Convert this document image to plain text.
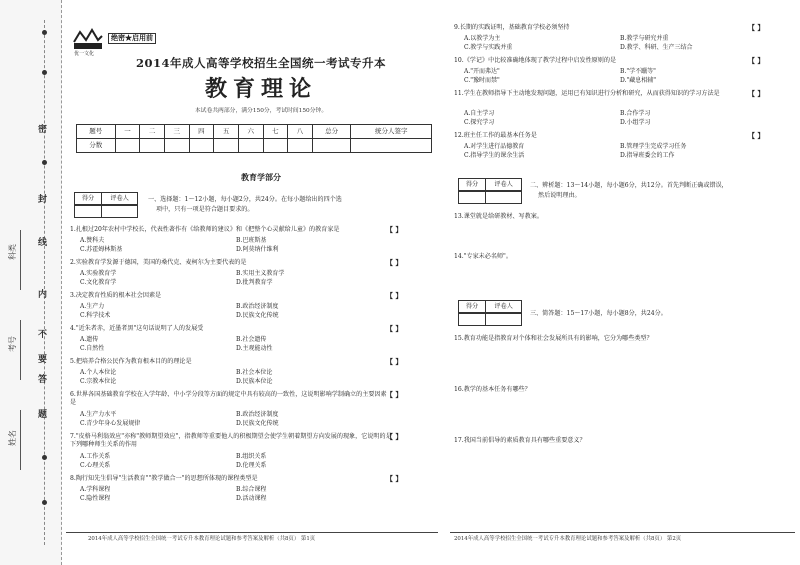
密
封
线
内
不
要
答
题
科类
考号
姓名
优一文化
绝密★启用前
2014年成人高等学校招生全国统一考试专升本
教育理论
本试卷共两部分，满分150分，考试时间150分钟。
题号	一	二	三	四	五	六	七	八	总分	统分人签字
分数										
教育学部分
得分	评卷人	一、选择题：1～12小题，每小题2分，共24分。在每小题给出的四个选
项中，只有一项是符合题目要求的。
1.扎根过20年农村中学校长，代表性著作有《给教师的建议》和《把整个心灵献给儿童》的教育家是	【 】
A.赞科夫	B.巴班斯基
C.苏霍姆林斯基	D.阿莫纳什维利
2.实验教育学发源于德国，美国的桑代克、麦柯尔为主要代表的是	【 】
A.实验教育学	B.实用主义教育学
C.文化教育学	D.批判教育学
3.决定教育性质的根本社会因素是	【 】
A.生产力	B.政治经济制度
C.科学技术	D.民族文化传统
4."近朱者赤，近墨者黑"这句话说明了人的发展受	【 】
A.遗传	B.社会遗传
C.自然性	D.主观能动性
5.把培养合格公民作为教育根本目的的理论是	【 】
A.个人本位论	B.社会本位论
C.宗教本位论	D.民族本位论
6.世界各国基础教育学校在入学年龄、中小学分段等方面的规定中具有较高的一致性，这说明影响学制确立的主要因素是
【 】
A.生产力水平	B.政治经济制度
C.青少年身心发展规律	D.民族文化传统
7."皮格马利翁效应"亦称"教师期望效应"，指教师等重要他人的积极期望会使学生朝着期望方向发展的现象，它说明的是下列哪种师生关系的作用
【 】
A.工作关系	B.组织关系
C.心理关系	D.伦理关系
8.陶行知先生倡导"生活教育""教学做合一"的思想所体现的课程类型是	【 】
A.学科课程	B.综合课程
C.隐性课程	D.活动课程
2014年成人高等学校招生全国统一考试专升本教育理论试题和参考答案及解析（共8页） 第1页
9.长期的实践证明，基础教育学校必须坚持	【 】
A.以教学为主	B.教学与研究并重
C.教学与实践并重	D.教学、科研、生产三结合
10.《学记》中比较准确地体现了教学过程中启发性原则的是	【 】
A."开而弗达"	B."学不躐等"
C."豫时而禁"	D."藏息相辅"
11.学生在教师指导下主动地发现问题，运用已有知识进行分析和研究，从而获得知识的学习方法是	【 】
A.自主学习	B.合作学习
C.探究学习	D.小组学习
12.班主任工作的最基本任务是	【 】
A.对学生进行品德教育	B.管理学生完成学习任务
C.指导学生的课余生活	D.指导班委会的工作
得分	评卷人	二、辨析题：13～14小题，每小题6分，共12分。首先判断正确或错误，
然后说明理由。
13.课堂就是给研教材、写教案。
14."专家未必名师"。
得分	评卷人
三、简答题：15～17小题，每小题8分，共24分。
15.教育功能是指教育对个体和社会发展所具有的影响，它分为哪些类型？
16.教学的基本任务有哪些？
17.我国当前倡导的素质教育具有哪些重要意义？
2014年成人高等学校招生全国统一考试专升本教育理论试题和参考答案及解析（共8页） 第2页
